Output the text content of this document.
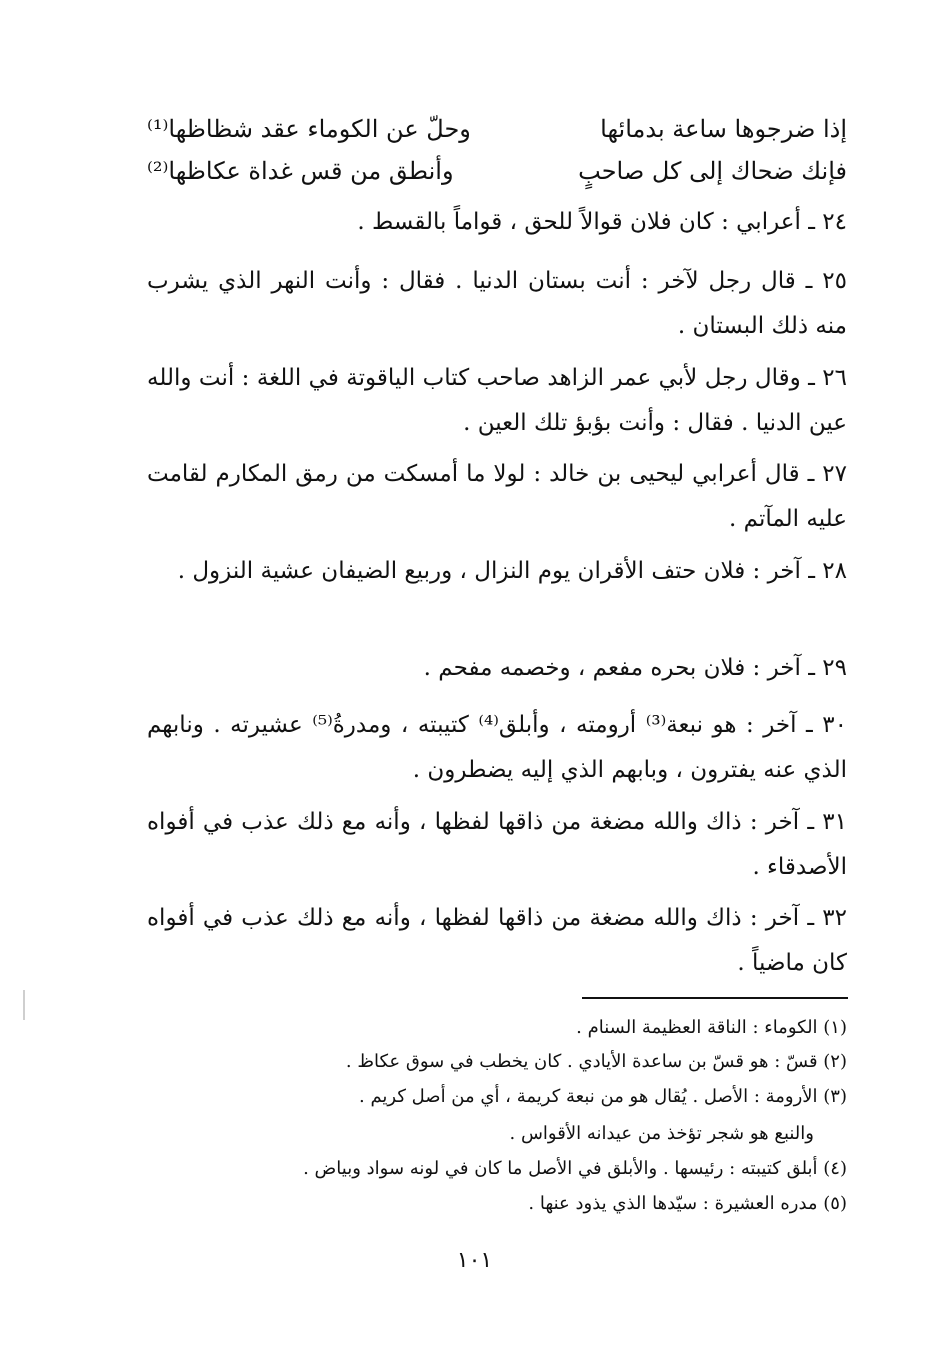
إذا ضرجوها ساعة بدمائها
وحلّ عن الكوماء عقد شظاظها⁽¹⁾
فإنك ضحاك إلى كل صاحبٍ
وأنطق من قس غداة عكاظها⁽²⁾
٢٤ ـ أعرابي : كان فلان قوالاً للحق ، قواماً بالقسط .
٢٥ ـ قال رجل لآخر : أنت بستان الدنيا . فقال : وأنت النهر الذي يشرب منه ذلك البستان .
٢٦ ـ وقال رجل لأبي عمر الزاهد صاحب كتاب الياقوتة في اللغة : أنت والله عين الدنيا . فقال : وأنت بؤبؤ تلك العين .
٢٧ ـ قال أعرابي ليحيى بن خالد : لولا ما أمسكت من رمق المكارم لقامت عليه المآتم .
٢٨ ـ آخر : فلان حتف الأقران يوم النزال ، وربيع الضيفان عشية النزول .
٢٩ ـ آخر : فلان بحره مفعم ، وخصمه مفحم .
٣٠ ـ آخر : هو نبعة⁽³⁾ أرومته ، وأبلق⁽⁴⁾ كتيبته ، ومدرةُ⁽⁵⁾ عشيرته . ونابهم الذي عنه يفترون ، وبابهم الذي إليه يضطرون .
٣١ ـ آخر : ذاك والله مضغة من ذاقها لفظها ، وأنه مع ذلك عذب في أفواه الأصدقاء .
٣٢ ـ آخر : ذاك والله مضغة من ذاقها لفظها ، وأنه مع ذلك عذب في أفواه كان ماضياً .
(١) الكوماء : الناقة العظيمة السنام .
(٢) قسّ : هو قسّ بن ساعدة الأيادي . كان يخطب في سوق عكاظ .
(٣) الأرومة : الأصل . يُقال هو من نبعة كريمة ، أي من أصل كريم .
والنبع هو شجر تؤخذ من عيدانه الأقواس .
(٤) أبلق كتيبته : رئيسها . والأبلق في الأصل ما كان في لونه سواد وبياض .
(٥) مدره العشيرة : سيّدها الذي يذود عنها .
١٠١
